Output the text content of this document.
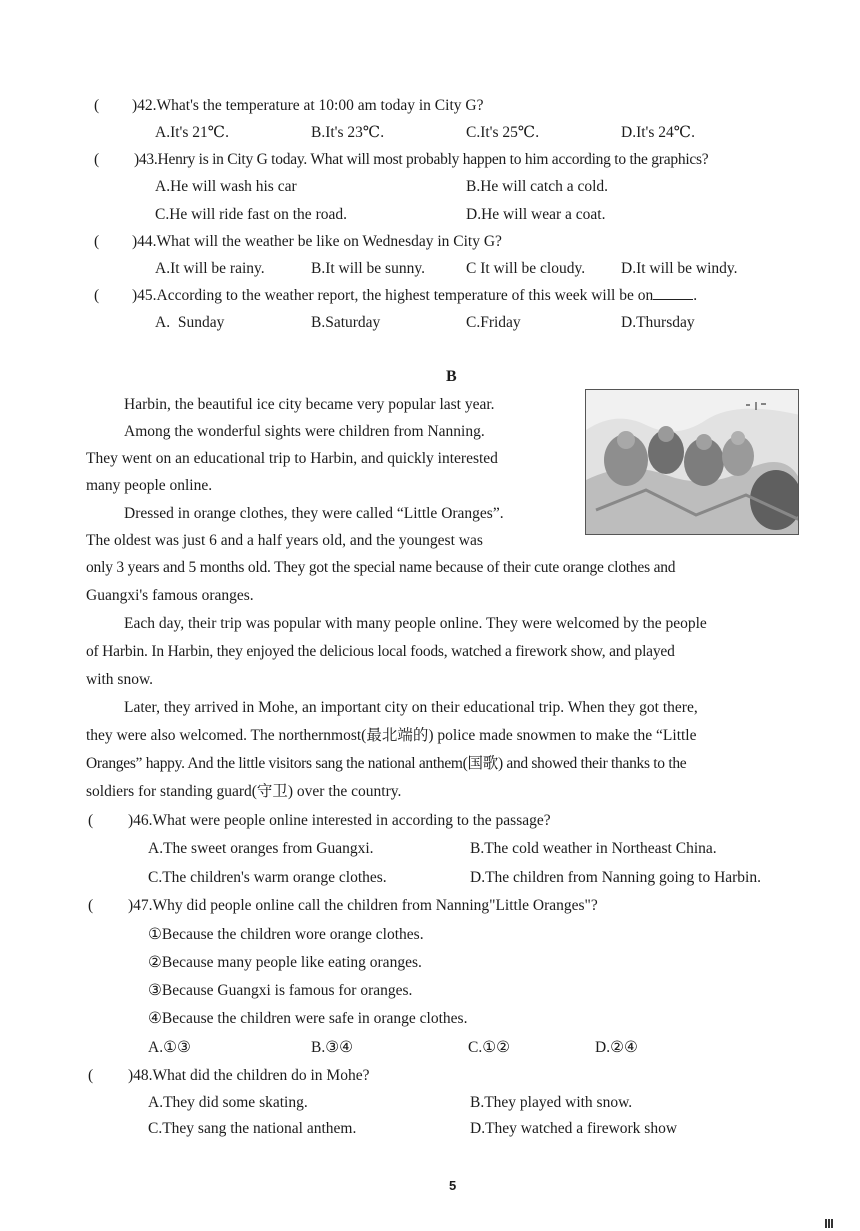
( )42.What's the temperature at 10:00 am today in City G?
A.It's 21℃.	B.It's 23℃.	C.It's 25℃.	D.It's 24℃.
( )43.Henry is in City G today. What will most probably happen to him according to the graphics?
A.He will wash his car	B.He will catch a cold.
C.He will ride fast on the road.	D.He will wear a coat.
( )44.What will the weather be like on Wednesday in City G?
A.It will be rainy.	B.It will be sunny.	C It will be cloudy. D.It will be windy.
( )45.According to the weather report, the highest temperature of this week will be on	.
A.  Sunday	B.Saturday	C.Friday	D.Thursday
B
Harbin, the beautiful ice city became very popular last year.
Among the wonderful sights were children from Nanning.
They went on an educational trip to Harbin, and quickly interested
many people online.
Dressed in orange clothes, they were called “Little Oranges”.
The oldest was just 6 and a half years old, and the youngest was
only 3 years and 5 months old. They got the special name because of their cute orange clothes and
Guangxi's famous oranges.
Each day, their trip was popular with many people online. They were welcomed by the people
of Harbin. In Harbin, they enjoyed the delicious local foods, watched a firework show, and played
with snow.
Later, they arrived in Mohe, an important city on their educational trip. When they got there,
they were also welcomed. The northernmost(最北端的) police made snowmen to make the “Little
Oranges” happy. And the little visitors sang the national anthem(国歌) and showed their thanks to the
soldiers for standing guard(守卫) over the country.
( )46.What were people online interested in according to the passage?
A.The sweet oranges from Guangxi.	B.The cold weather in Northeast China.
C.The children's warm orange clothes.	D.The children from Nanning going to Harbin.
( )47.Why did people online call the children from Nanning"Little Oranges"?
①Because the children wore orange clothes.
②Because many people like eating oranges.
③Because Guangxi is famous for oranges.
④Because the children were safe in orange clothes.
A.①③	B.③④	C.①②	D.②④
( )48.What did the children do in Mohe?
A.They did some skating.	B.They played with snow.
C.They sang the national anthem.	D.They watched a firework show
5
